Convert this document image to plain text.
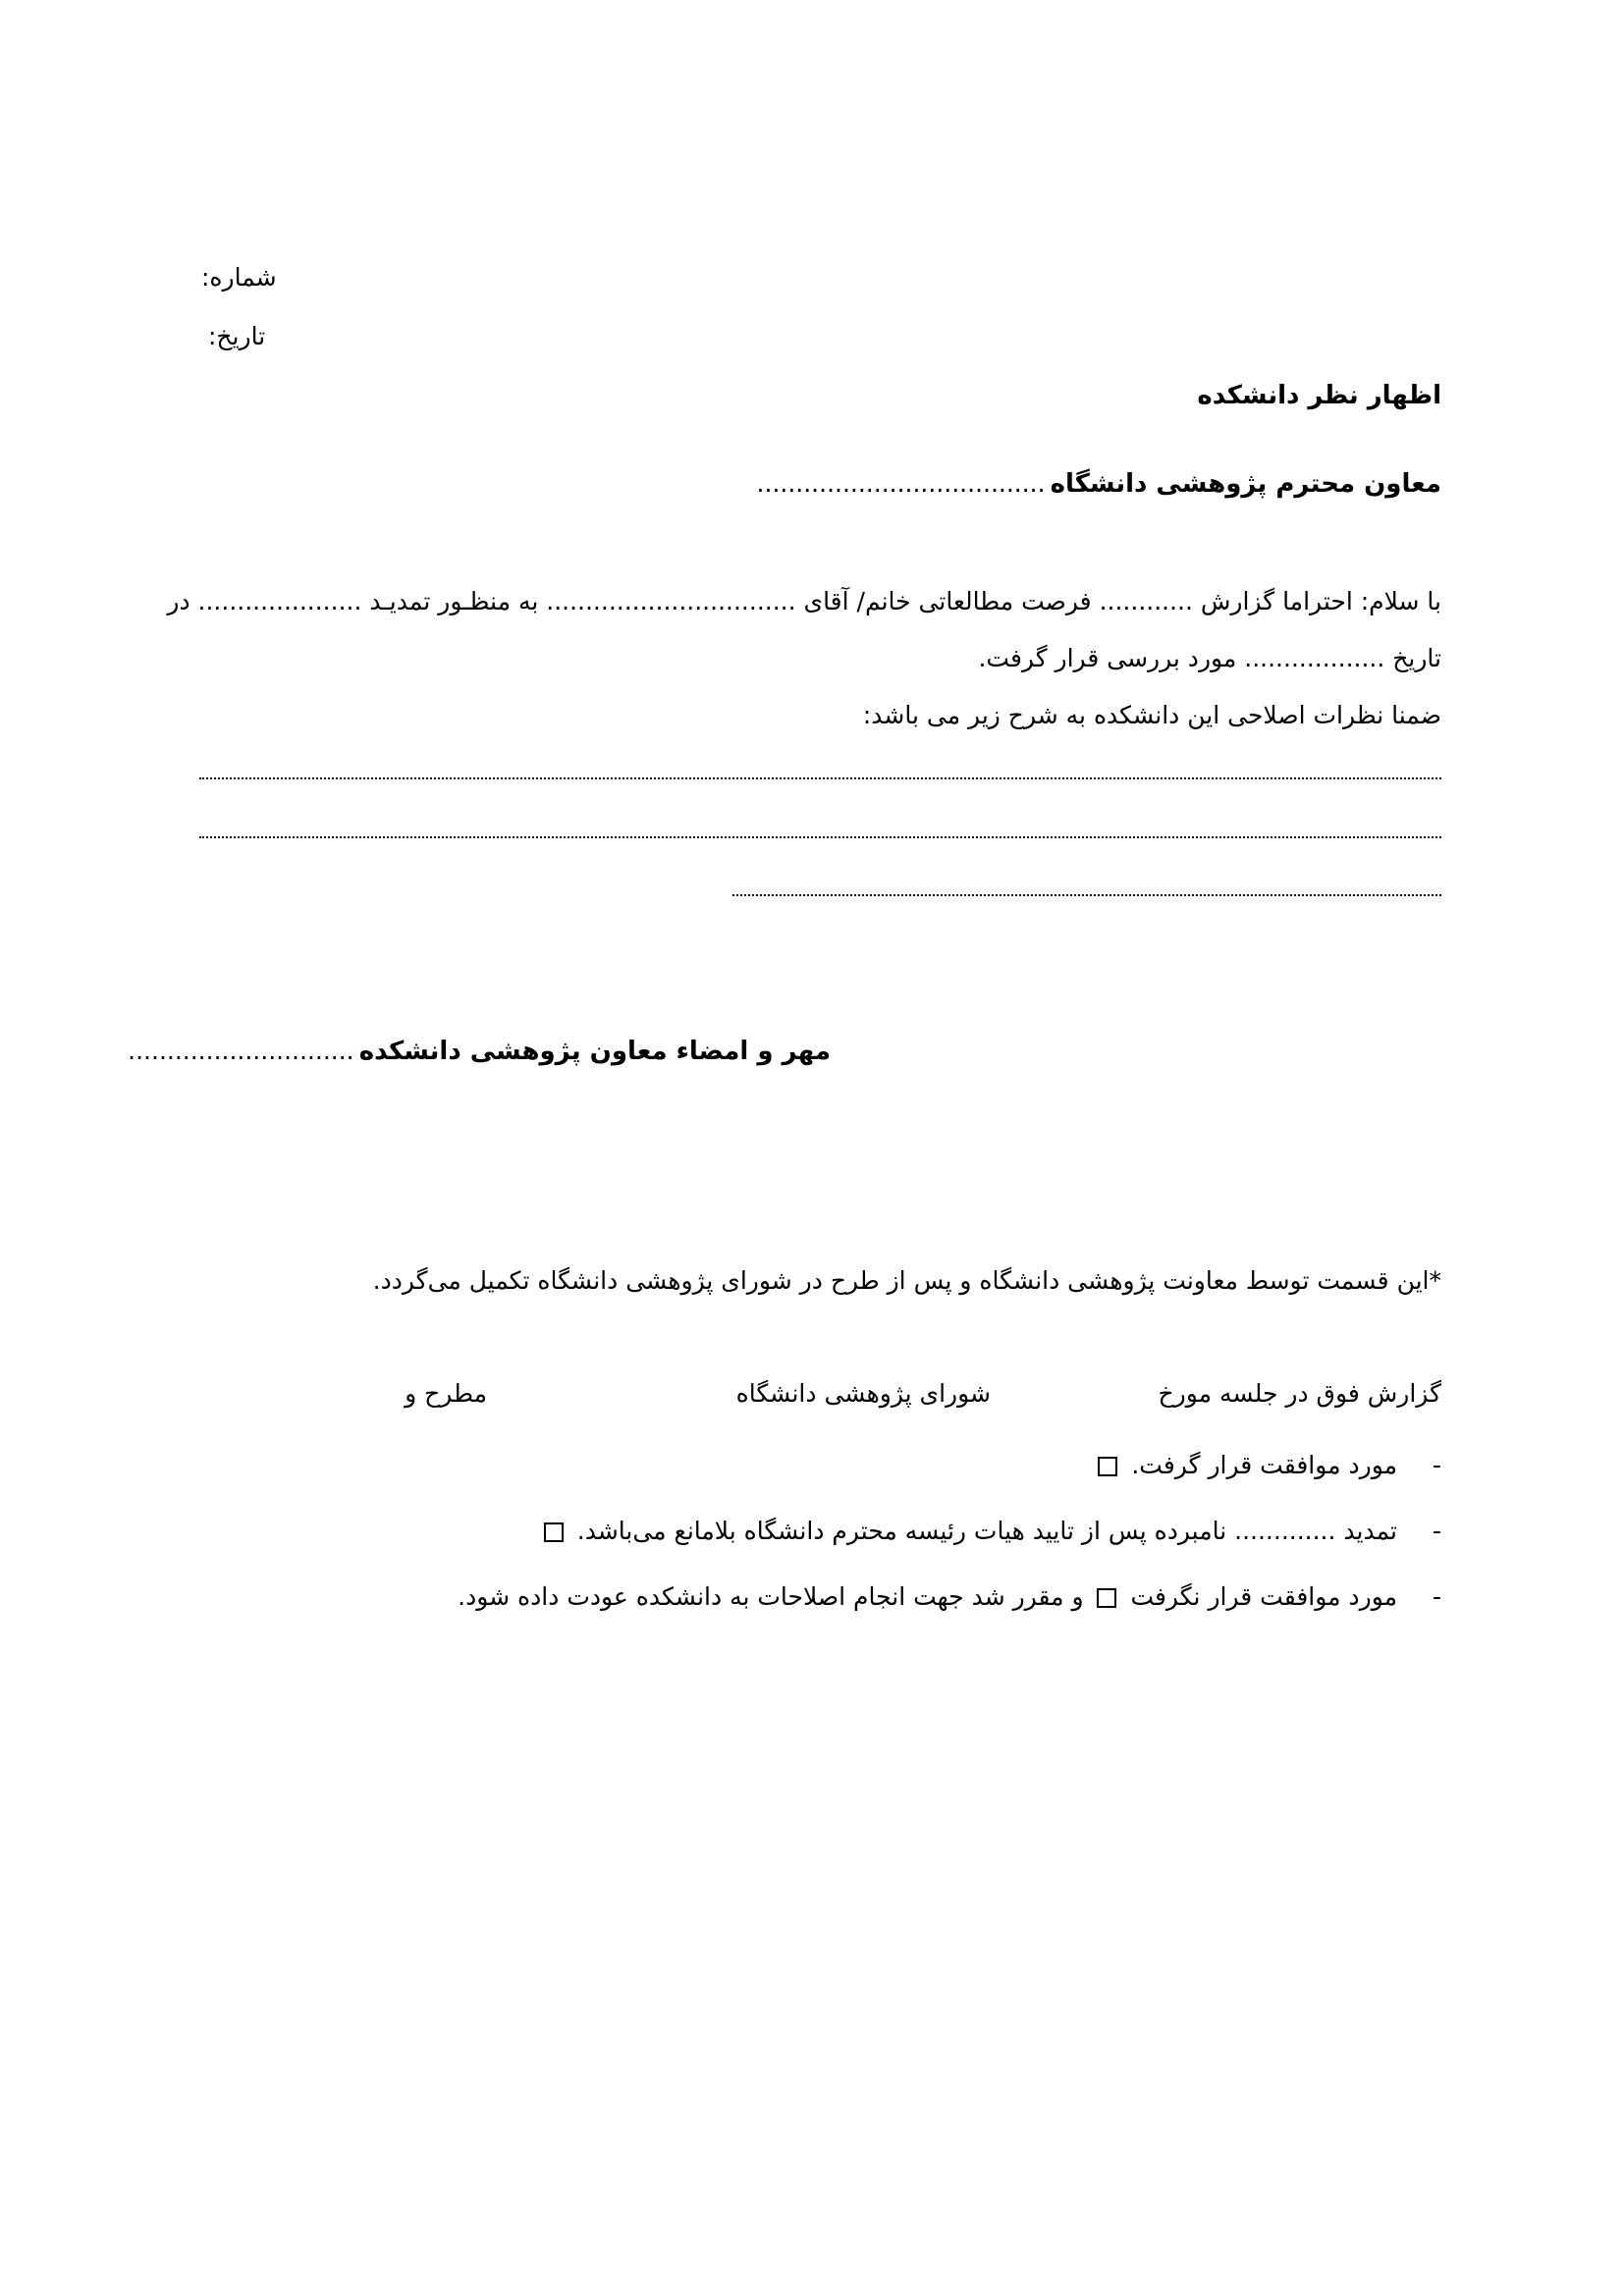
شماره:
تاریخ:
اظهار نظر دانشکده
معاون محترم پژوهشی دانشگاه .....................................
با سلام: احتراما گزارش ............ فرصت مطالعاتی خانم/ آقای ................................ به منظـور تمدیـد ..................... در
تاریخ .................. مورد بررسی قرار گرفت.
ضمنا نظرات اصلاحی این دانشکده به شرح زیر می باشد:
مهر و امضاء معاون پژوهشی دانشکده .............................
*این قسمت توسط معاونت پژوهشی دانشگاه و پس از طرح در شورای پژوهشی دانشگاه تکمیل می‌گردد.
گزارش فوق در جلسه مورخ
شورای پژوهشی دانشگاه
مطرح و
- مورد موافقت قرار گرفت.
- تمدید ............. نامبرده پس از تایید هیات رئیسه محترم دانشگاه بلامانع می‌باشد.
- مورد موافقت قرار نگرفت  و مقرر شد جهت انجام اصلاحات به دانشکده عودت داده شود.
